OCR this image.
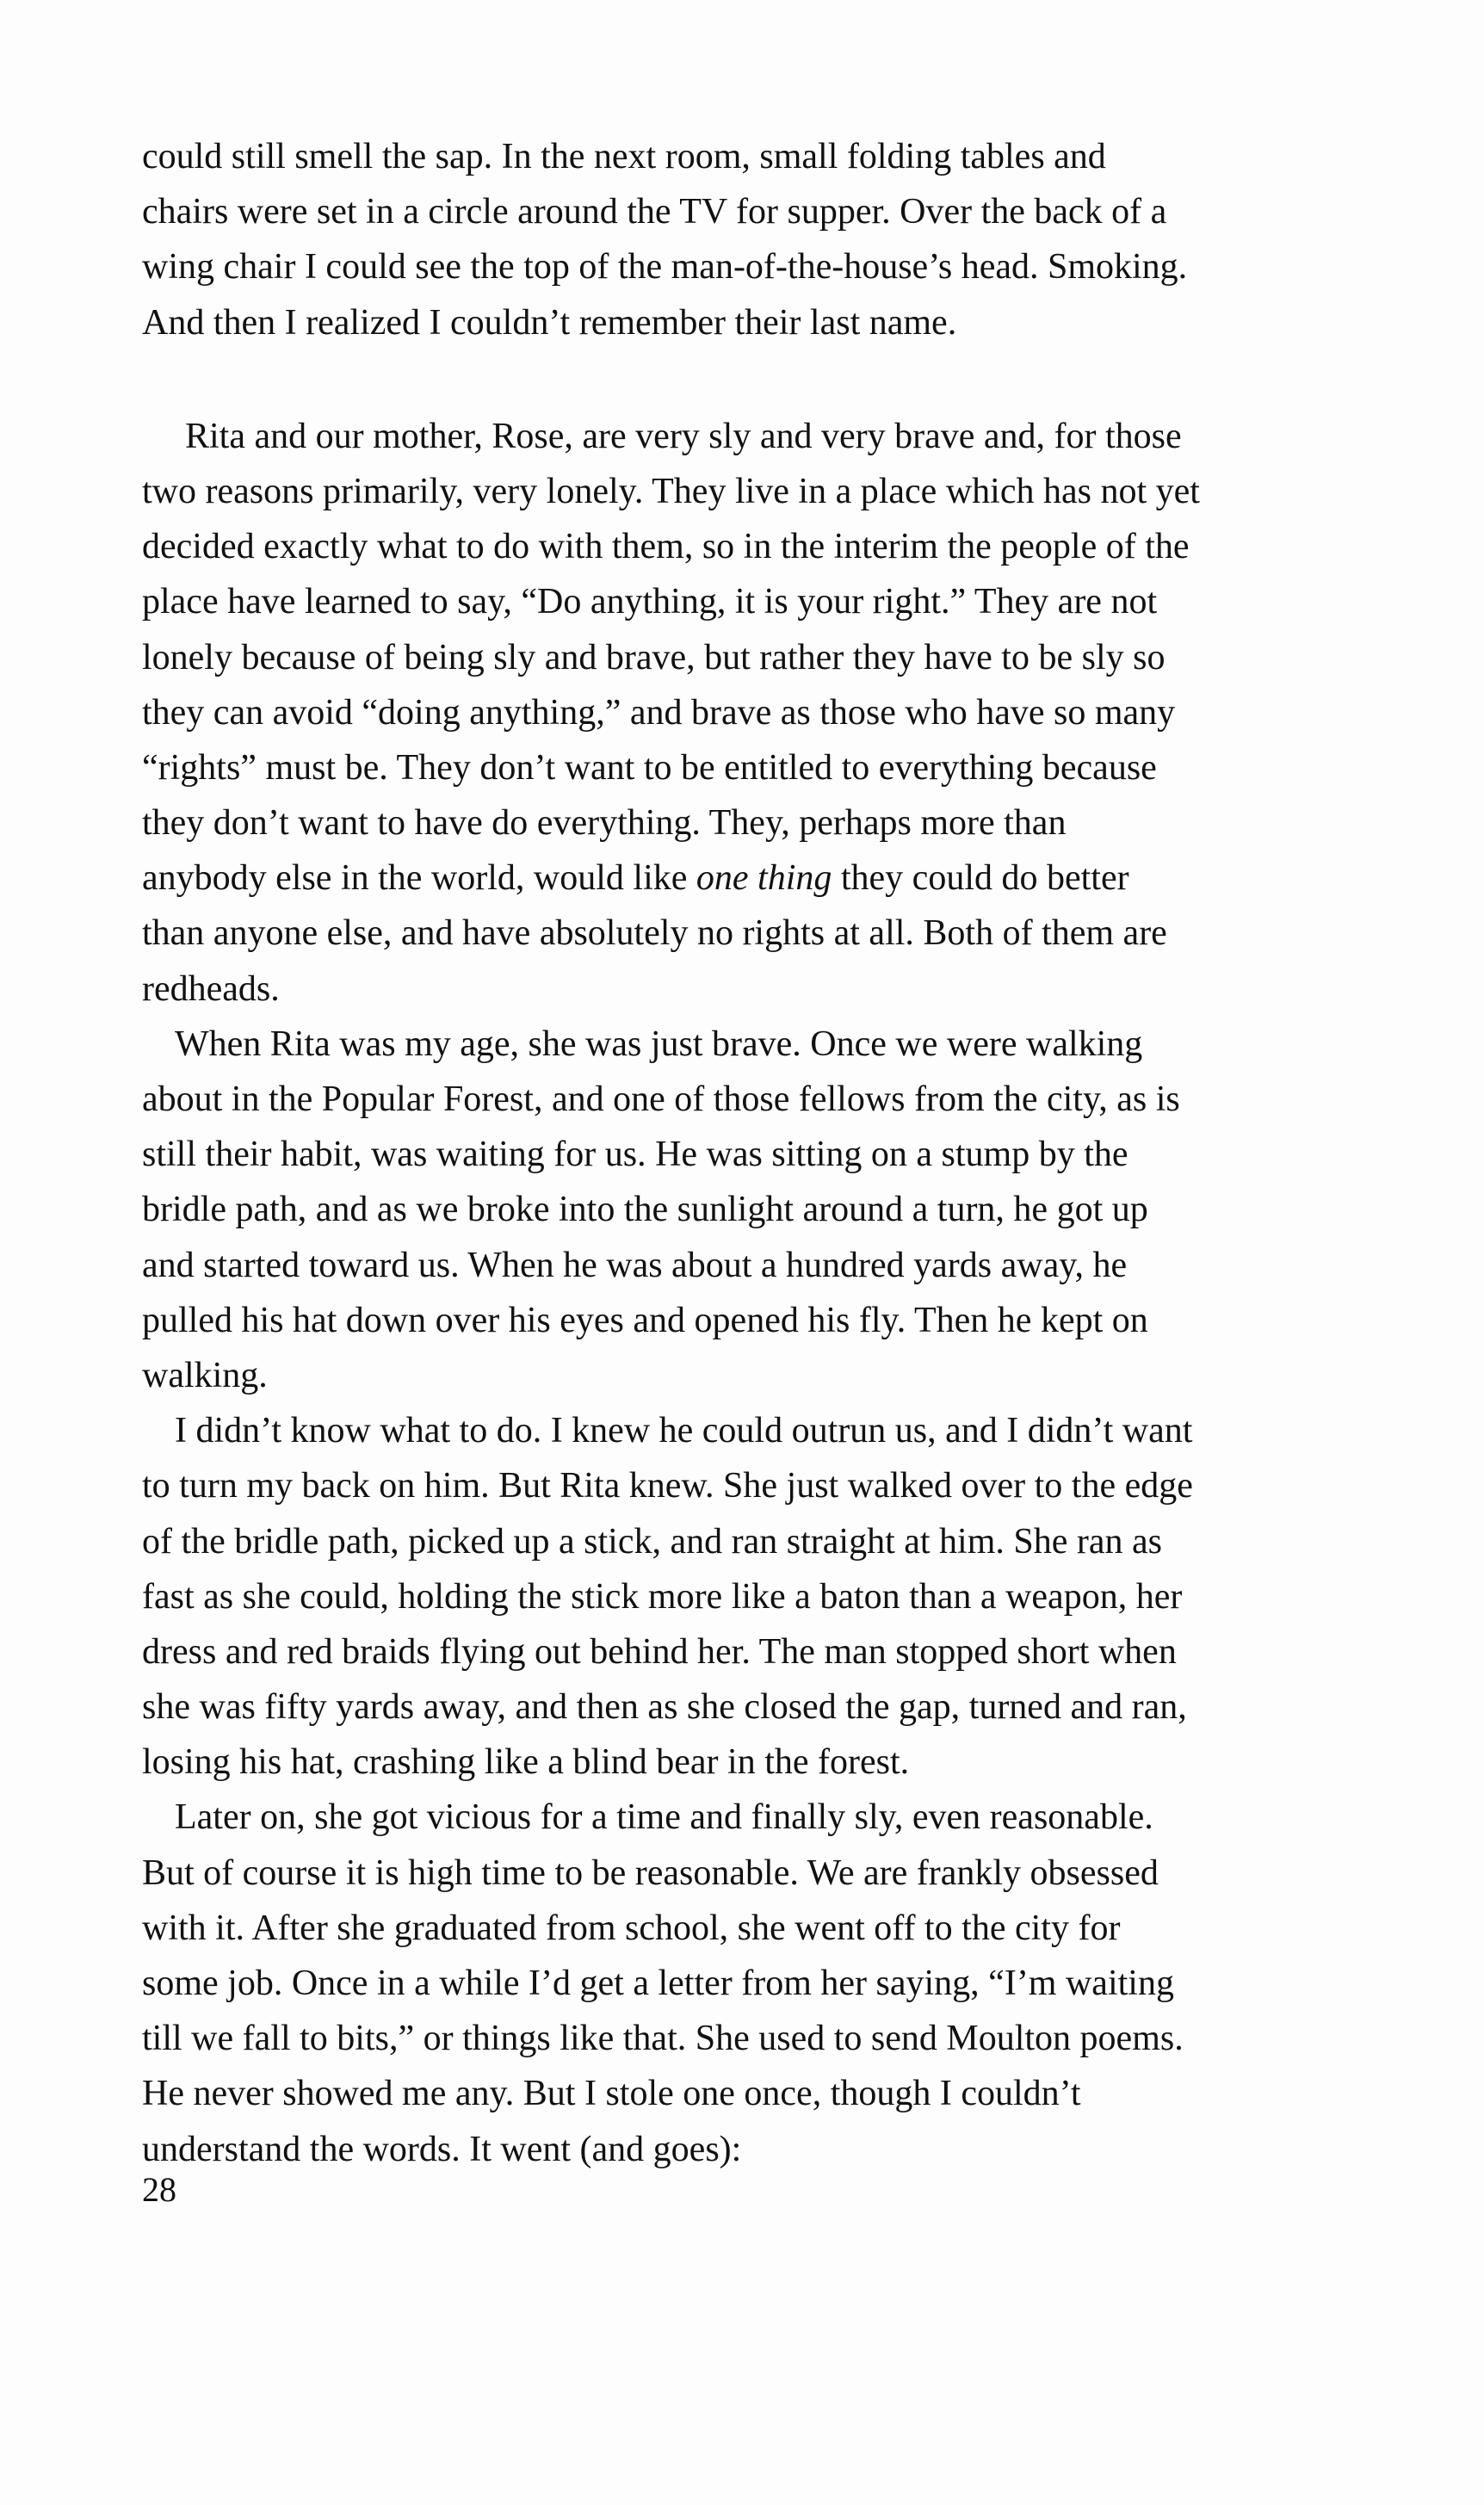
could still smell the sap. In the next room, small folding tables and
chairs were set in a circle around the TV for supper. Over the back of a
wing chair I could see the top of the man-of-the-house’s head. Smoking.
And then I realized I couldn’t remember their last name.
Rita and our mother, Rose, are very sly and very brave and, for those
two reasons primarily, very lonely. They live in a place which has not yet
decided exactly what to do with them, so in the interim the people of the
place have learned to say, “Do anything, it is your right.” They are not
lonely because of being sly and brave, but rather they have to be sly so
they can avoid “doing anything,” and brave as those who have so many
“rights” must be. They don’t want to be entitled to everything because
they don’t want to have do everything. They, perhaps more than
anybody else in the world, would like one thing they could do better
than anyone else, and have absolutely no rights at all. Both of them are
redheads.
When Rita was my age, she was just brave. Once we were walking
about in the Popular Forest, and one of those fellows from the city, as is
still their habit, was waiting for us. He was sitting on a stump by the
bridle path, and as we broke into the sunlight around a turn, he got up
and started toward us. When he was about a hundred yards away, he
pulled his hat down over his eyes and opened his fly. Then he kept on
walking.
I didn’t know what to do. I knew he could outrun us, and I didn’t want
to turn my back on him. But Rita knew. She just walked over to the edge
of the bridle path, picked up a stick, and ran straight at him. She ran as
fast as she could, holding the stick more like a baton than a weapon, her
dress and red braids flying out behind her. The man stopped short when
she was fifty yards away, and then as she closed the gap, turned and ran,
losing his hat, crashing like a blind bear in the forest.
Later on, she got vicious for a time and finally sly, even reasonable.
But of course it is high time to be reasonable. We are frankly obsessed
with it. After she graduated from school, she went off to the city for
some job. Once in a while I’d get a letter from her saying, “I’m waiting
till we fall to bits,” or things like that. She used to send Moulton poems.
He never showed me any. But I stole one once, though I couldn’t
understand the words. It went (and goes):
28
